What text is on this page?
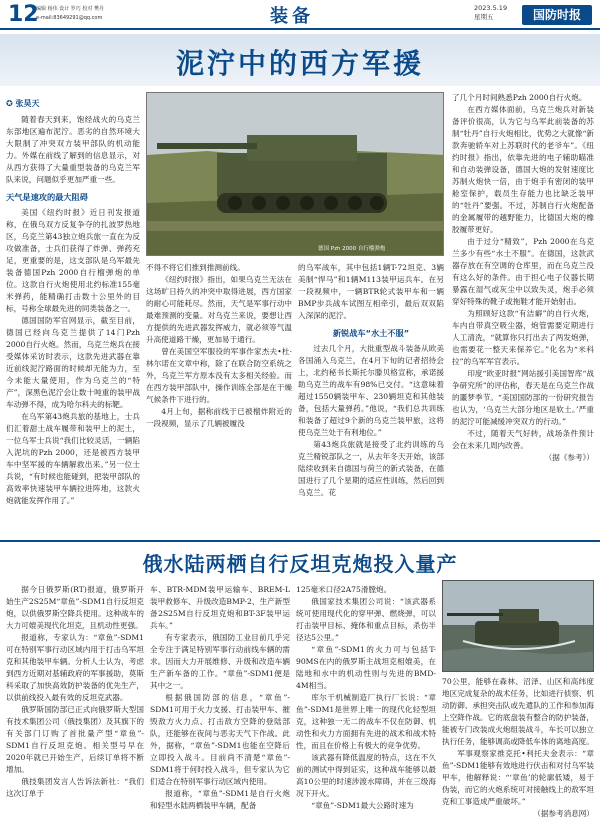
12
编辑 杨伟 设计 罗巧 校对 樊丹
e-mail:83649291@qq.com	装备	2023.5.19
星期五	国防时报
泥泞中的西方军援
✪ 张昊天

随着春天到来，饱经战火的乌克兰东部地区遍布泥泞。恶劣的自然环境大大限制了冲突双方装甲部队的机动能力。外媒在前线了解到的信息显示，对从西方获得了大量重型装备的乌克兰军队来说，问题似乎更加严重一些。

天气是速攻的最大阻碍

美国《纽约时报》近日刊发报道称，在俄乌双方反复争夺的扎波罗热地区，乌克兰第43独立炮兵旅一直在为反攻做准备，士兵们获得了炸弹、弹药充足，更重要的是，这支部队是乌军最先装备德国Pzh 2000自行榴弹炮的单位。这款自行火炮使用北约标准155毫米弹药，能精确打击数十公里外的目标，号称全球最先进的同类装备之一。

德国国防军官网显示，截至目前，德国已经向乌克兰提供了14门Pzh 2000自行火炮。然而，乌克兰炮兵在接受媒体采访时表示，这款先进武器在靠近前线泥泞路面的时候却无能为力，至今未能大量使用，作为乌克兰的“特产”，深黑色泥泞会让数十吨重的装甲战车动弹不得，成为哈尔科夫的标靶。

在乌军第43炮兵旅的基地上，士兵们汇着甜土战车履带和装甲上的泥土，一位乌军士兵说“我们比较灵活，一辆陷入泥坑的Pzh 2000，还是被西方装甲车中坚军援的车辆解救出来。”另一位士兵说，“有时候也能碰到，把装甲部队的高效率快速装甲车辆拉进阵地，这款火炮就能发挥作用了。”

德国 Pzh 2000 自行榴弹炮

不得不将它们推到推测前线。

《纽约时报》指出，如果乌克兰无法在这场旷日持久的冲突中取得进展，西方国家的耐心可能耗尽。然而，天气是军事行动中最难预测的变量。对乌克兰来说，要想让西方提供的先进武器发挥威力，就必须等气温升高使道路干燥，更加易于通行。

曾在美国空军服役的军事作家杰夫•杜·林尔诺在文章中称，除了在联合防空系统之外，乌克兰军方原本没有太多相关经验。而在西方装甲部队中，操作训练全部是在干燥气候条件下进行的。

4月上旬，据称前线于已被榴炸附近的一段视频，显示了几辆被履没

的乌军战车，其中包括1辆T-72坦克、3辆美制“悍马”和1辆M113装甲运兵车。在另一段视频中，一辆BTR轮式装甲车和一辆BMP步兵战车试图互相牵引，最后双双陷入深深的泥泞。

新锐战车“水土不服”

过去几个月，大批重型战斗装备从欧美各国涌入乌克兰，在4月下旬的记者招待会上，北约秘书长斯托尔滕贝格宣称，承诺援助乌克兰的战车有98%已交付。“这意味着超过1550辆装甲车、230辆坦克和其他装备，包括大量弹药。”他说，“我们总共训练和装备了超过9个新的乌克兰装甲旅，这将使乌克兰处于有利地位。”

第43炮兵旅就是接受了北约训练的乌克兰精锐部队之一，从去年冬天开始，该部陆续收到来自德国与荷兰的新式装备，在德国进行了几个星期的适应性训练，然后回到乌克兰。花

了几个月时间熟悉Pzh 2000自行火炮。

在西方媒体面前，乌克兰炮兵对新装备评价很高，认为它与乌军此前装备的苏制“牡丹”自行火炮相比，优势之大就像“新款奔驰轿车对上苏联时代的老爷车”。《纽约时报》指出，依靠先进的电子辅助瞄准和自动装弹设备，德国大炮的发射速度比苏制火炮快一倍，由于炮手有密闭的装甲舱室保护，载员生存能力也比缺乏装甲的“牡丹”要强。不过，苏制自行火炮配备的金属履带的越野能力，比德国大炮的橡胶履带更好。

由于过分“精致”，Pzh 2000在乌克兰多少有些“水土不服”。在德国，这款武器存放在有空调的仓库里，而在乌克兰没有这么好的条件。由于担心电子仪器长期暴露在湿气或灰尘中以致失灵，炮手必须穿好特殊的靴子或拖鞋才能开始射击。

为照顾好这款“有洁癖”的自行火炮，车内自带真空吸尘器，炮管需要定期进行人工清洗，“就算你只打出去了两发炮弹，也需要花一整天来保养它。”化名为“米科拉”的乌军军官表示。

印度“欧亚时报”网站援引美国智库“战争研究所”的评估称，春天是在乌克兰作战的噩梦季节。“美国国防部的一份研究报告也认为，‘乌克兰大部分地区是软土。’严重的泥泞可能减缓冲突双方的行动。”

不过，随着天气好转，战场条件预计会在未来几周内改善。

（据《参考》）

俄水陆两栖自行反坦克炮投入量产

据今日俄罗斯(RT)报道，俄罗斯开始生产2S25M“章鱼”-SDM1自行反坦克炮，以供俄罗斯空降兵使用。这种战车的大力可媲美现代化坦克，且机动性更强。

报道称，专家认为：“章鱼”-SDM1可在特别军事行动区域内用于打击乌军坦克和其他装甲车辆。分析人士认为，考虑到西方近期对基辅政府的军事援助，莫斯科采取了加快高效防护装备的优先生产，以供前线投入最有效的反坦克武器。

俄罗斯国防部已正式向俄罗斯大型国有技术集团公司（俄技集团）及其旗下的有关部门订购了首批量产型“章鱼”-SDM1自行反坦克炮。相关型号早在2020年就已开始生产，后续订单将不断增加。

俄技集团发言人告诉法新社：“我们这次订单于

车、BTR-MDM装甲运输车、BREM-L装甲救修车、升级改造BMP-2、生产新型备2S25M自行反坦克炮和BT-3F装甲运兵车。”

有专家表示，俄国防工业目前几乎完全专注于满足特别军事行动前线车辆的需求。因而大力开展维修、升级和改造车辆生产新车备的工作。“章鱼”-SDM1便是其中之一。

根据俄国防部的信息，“章鱼”-SDM1可用于火力支援、打击装甲车、摧毁敌方火力点、打击敌方空降的登陆部队，还能够在夜间与恶劣天气下作战。此外，据称，“章鱼”-SDM1也能在空降后立即投入战斗。目前尚不清楚“章鱼”-SDM1将于何时投入战斗，但专家认为它们适合在特别军事行动区域内使用。

报道称，“章鱼”-SDM1是自行火炮和轻型水陆两栖装甲车辆，配备

125毫米口径2A75滑膛炮。

俄国家技术集团公司说：“该武器系统可使用现代化的穿甲弹、燃烧弹，可以打击装甲目标、掩体和重点目标，杀伤半径达5公里。”

“章鱼”-SDM1的火力可与包括T-90MS在内的俄罗斯主战坦克相媲美，在陆地和水中的机动性则与先进的BMD-4M相当。

库尔干机械制造厂执行厂长说：“章鱼”-SDM1是世界上唯一的现代化轻型坦克，这种独一无二的战车不仅在防御、机动性和火力方面拥有先进的战术和战术特性，而且在价格上有极大的竞争优势。

该武器有降低温度的特点，这在不久前的测试中得到证实，这种战车能够以最高10公里的时速涉渡水障碍，并在三级海况下开火。

“章鱼”-SDM1最大公路时速为

70公里，能够在森林、沼泽、山区和高纬度地区完成复杂的战术任务，比如进行侦察、机动防御、承担突击队或先遣队的工作和参加海上空降作战。它的底盘装有整合的防护装备，能被专门改装成火炮组装战斗，车长可以独立执行任务，能够调高或降低车体的离地高度。

军事观察家推克托•利托夫金表示：“章鱼”-SDM1能够有效地进行伏击和对付乌军装甲车，他解释说：“‘章鱼’的轮廓低矮，易于伪装，而它的火炮系统可对接触线上的敌军坦克和工事造成严重破坏。”

（据参考消息网）
